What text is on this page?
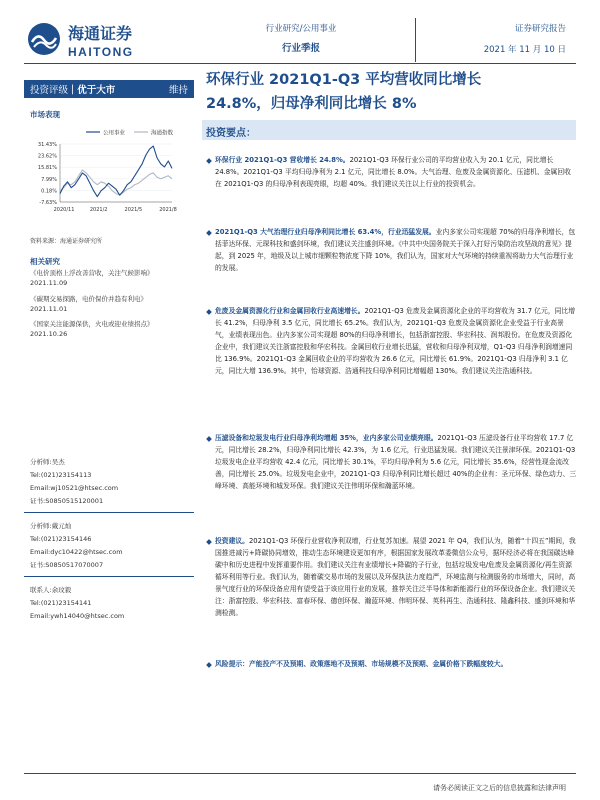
海通证券
HAITONG
行业研究/公用事业
行业季报
证券研究报告
2021 年 11 月 10 日
投资评级 | 优于大市	维持
市场表现
公用事业	海通指数
31.43%
23.62%
15.81%
7.99%
0.18%
-7.63%
2020/11	2021/2	2021/5	2021/8
资料来源：海通证券研究所
相关研究
《电价顶格上浮改善营收，关注气候影响》
2021.11.09
《碳期交易探路，电价保价并趋有利电》
2021.11.01
《国家关注能源保供，火电或迎业绩拐点》
2021.10.26
分析师:吴杰
Tel:(021)23154113
Email:wj10521@htsec.com
证书:S0850515120001
分析师:戴元灿
Tel:(021)23154146
Email:dyc10422@htsec.com
证书:S0850517070007
联系人:余玟毅
Tel:(021)23154141
Email:ywh14040@htsec.com
环保行业 2021Q1-Q3 平均营收同比增长
24.8%，归母净利同比增长 8%
投资要点：
环保行业 2021Q1-Q3 营收增长 24.8%。2021Q1-Q3 环保行业公司的平均营业收入为 20.1 亿元，同比增长 24.8%。2021Q1-Q3 平均归母净利为 2.1 亿元，同比增长 8.0%。大气治理、危废及金属资源化、压滤机、金属回收在 2021Q1-Q3 的归母净利表现亮眼，均超 40%。我们建议关注以上行业的投资机会。
2021Q1-Q3 大气治理行业归母净利同比增长 63.4%，行业迅猛发展。业内多家公司实现超 70%的归母净利增长，包括菲达环保、元琛科技和盛剑环境，我们建议关注盛剑环境。《中共中央国务院关于深入打好污染防治攻坚战的意见》提起，到 2025 年，地级及以上城市细颗粒物浓度下降 10%，我们认为，国家对大气环境的持续重视将助力大气治理行业的发展。
危废及金属资源化行业和金属回收行业高速增长。2021Q1-Q3 危废及金属资源化企业的平均营收为 31.7 亿元，同比增长 41.2%，归母净利 3.5 亿元，同比增长 65.2%。我们认为，2021Q1-Q3 危废及金属资源化企业受益于行业高景气，业绩表现出色。业内多家公司实现超 80%的归母净利增长，包括浙富控股、华宏科技、润邦股份。在危废及资源化企业中，我们建议关注浙富控股和华宏科技。金属回收行业增长迅猛，营收和归母净利双增，Q1-Q3 归母净利润增速同比 136.9%。2021Q1-Q3 金属回收企业的平均营收为 26.6 亿元，同比增长 61.9%。2021Q1-Q3 归母净利 3.1 亿元，同比大增 136.9%。其中，怡球资源、浩通科技归母净利同比增幅超 130%。我们建议关注浩通科技。
压滤设备和垃圾发电行业归母净利均增超 35%，业内多家公司业绩亮眼。2021Q1-Q3 压滤设备行业平均营收 17.7 亿元，同比增长 28.2%，归母净利同比增长 42.3%，为 1.6 亿元，行业迅猛发展。我们建议关注景津环保。2021Q1-Q3 垃圾发电企业平均营收 42.4 亿元，同比增长 30.1%，平均归母净利为 5.6 亿元，同比增长 35.6%，经营性现金流改善，同比增长 25.0%。垃圾发电企业中，2021Q1-Q3 归母净利同比增长超过 40%的企业有：圣元环保、绿色动力、三峰环境、高能环境和城发环保。我们建议关注伟明环保和瀚蓝环境。
投资建议。2021Q1-Q3 环保行业营收净利双增，行业复苏加速。展望 2021 年 Q4，我们认为，随着“十四五”期间，我国推进减污+降碳协同增效，推动生态环境建设更加有序，根据国家发展改革委微信公众号，据环经济必将在我国碳达峰碳中和历史进程中发挥重要作用。我们建议关注有业绩增长+降碳的子行业，包括垃圾发电/危废及金属资源化/再生资源循环利用等行业。我们认为，随着碳交易市场的发展以及环保执法力度趋严，环境监测与检测服务的市场增大，同时，高景气度行业的环保设备应用有望受益于该应用行业的发展，推荐关注泛半导体和新能源行业的环保设备企业。我们建议关注：浙富控股、华宏科技、富春环保、德创环保、瀚蓝环境、伟明环保、英科再生、浩通科技、隆鑫科技、盛剑环境和华测检测。
风险提示：产能投产不及预期、政策落地不及预期、市场规模不及预期、金属价格下跌幅度较大。
请务必阅读正文之后的信息披露和法律声明
